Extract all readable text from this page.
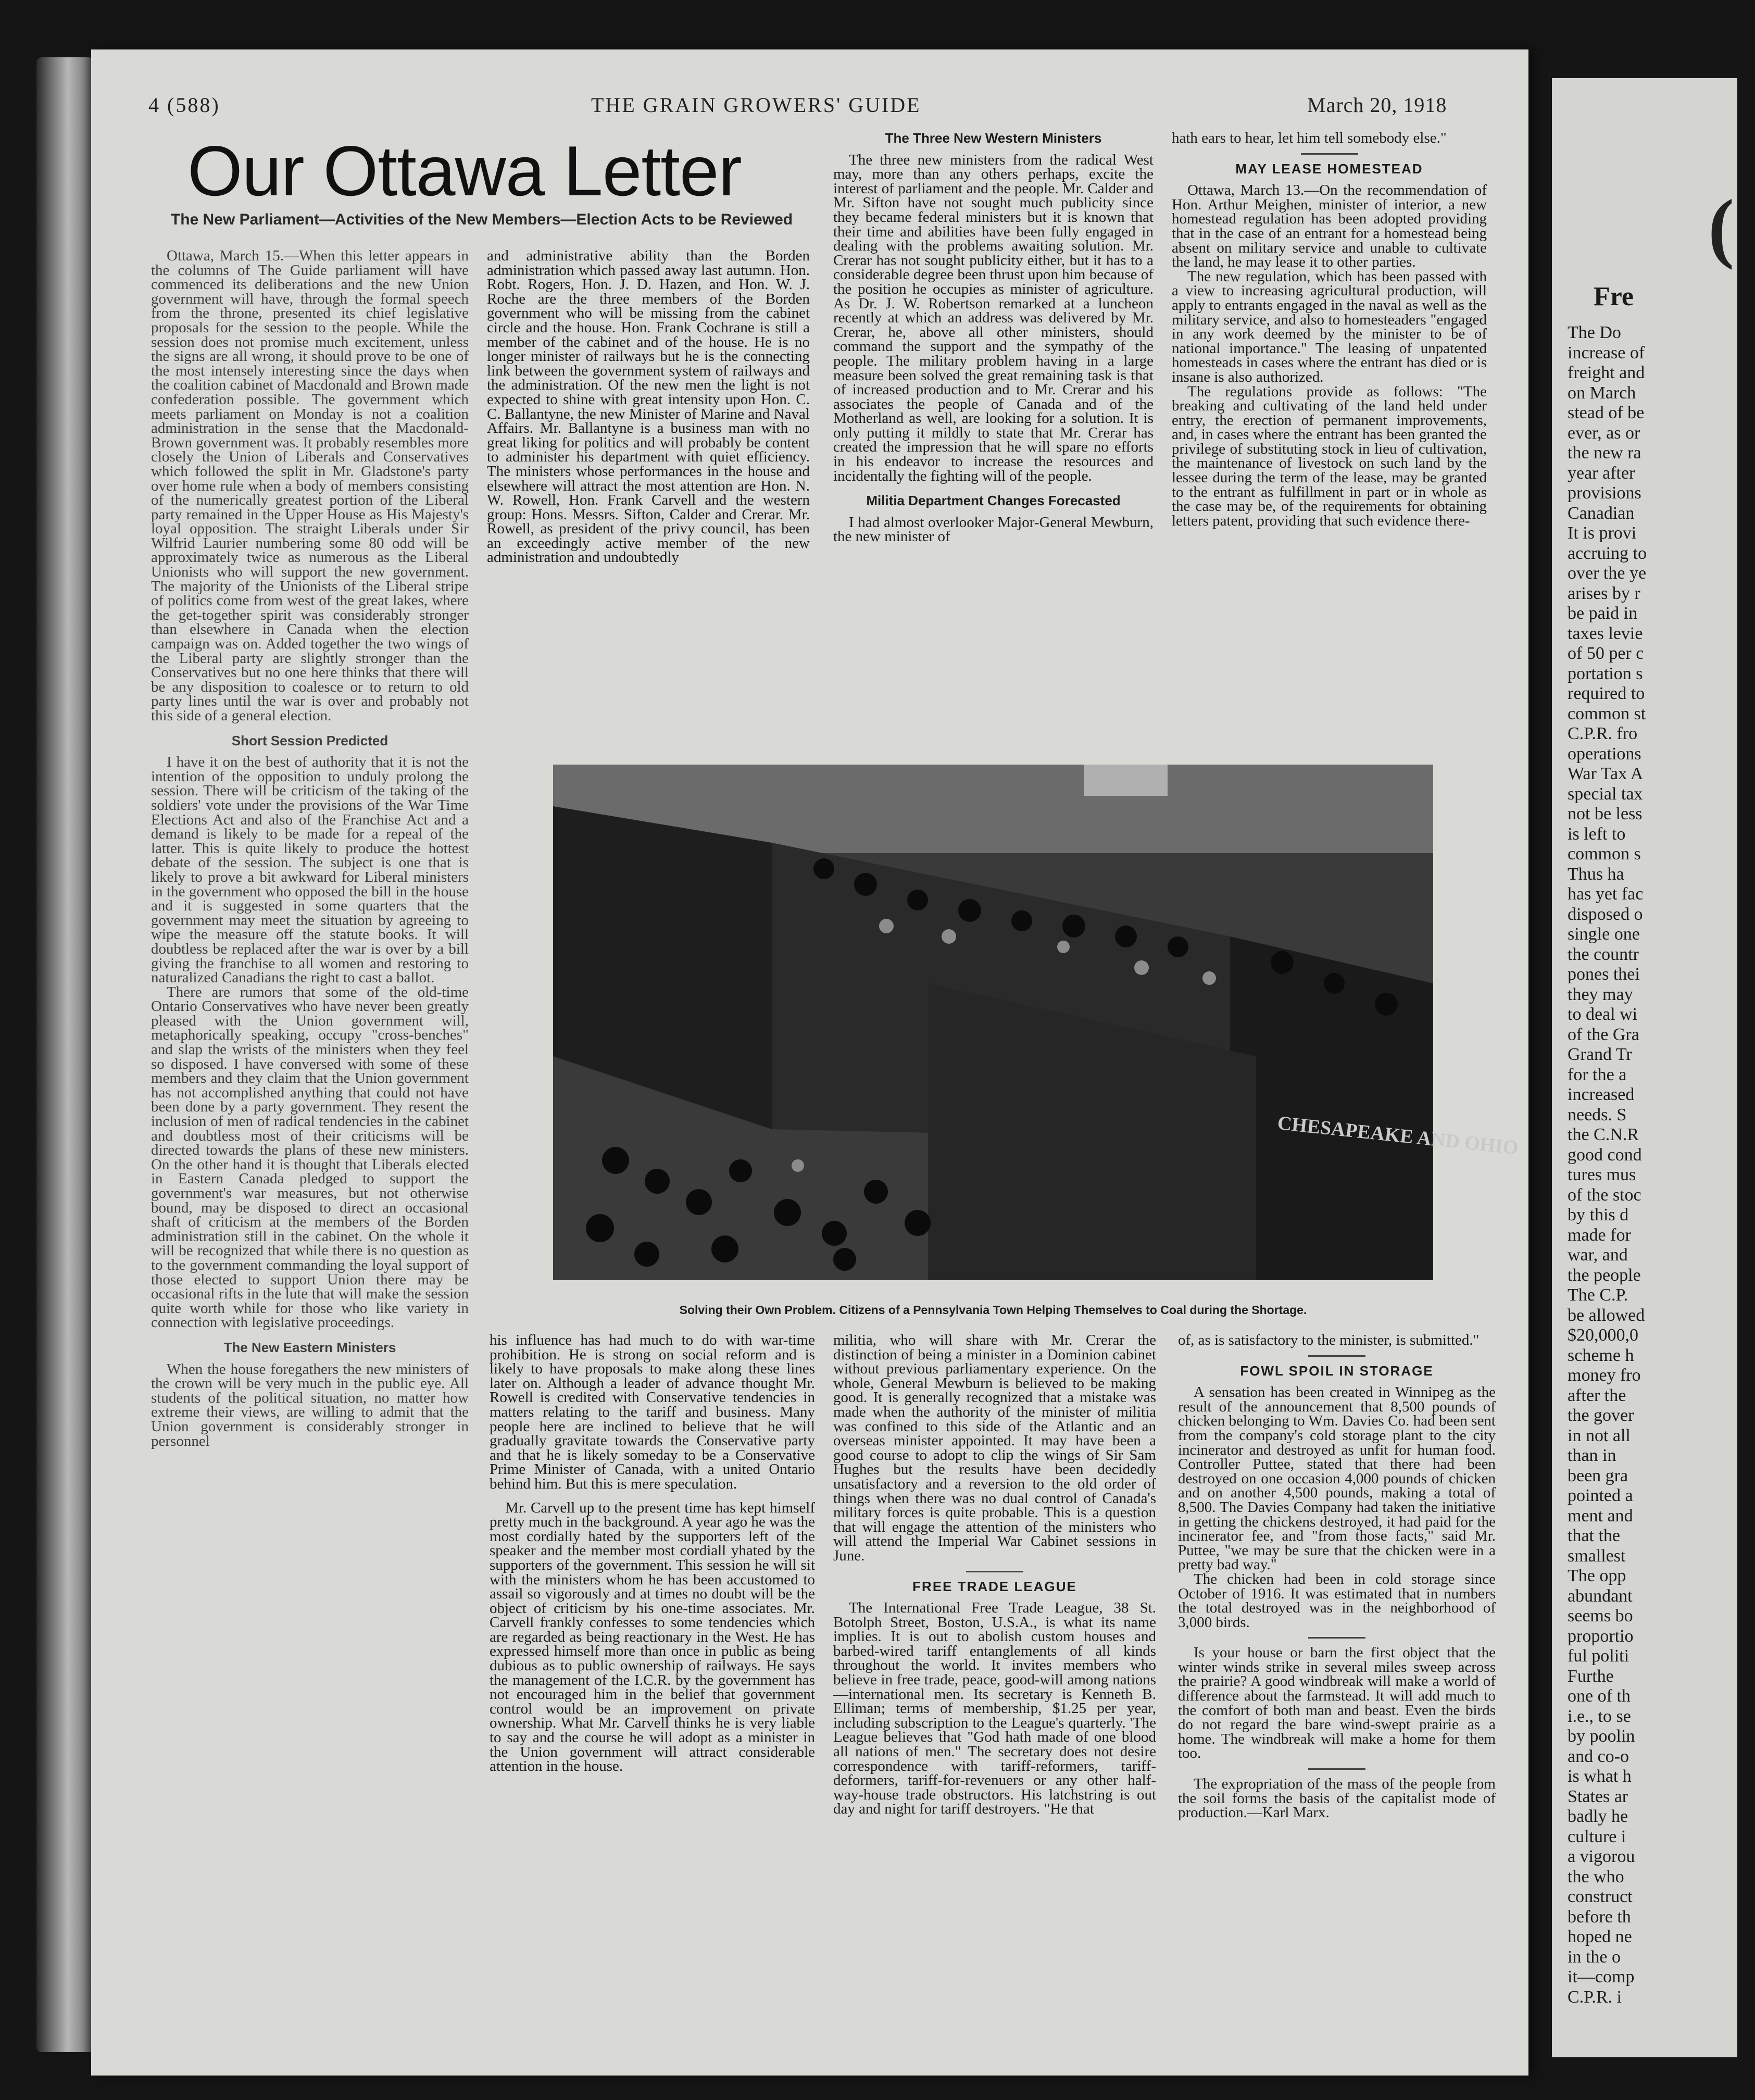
4 (588)	THE GRAIN GROWERS' GUIDE	March 20, 1918
Our Ottawa Letter
The New Parliament—Activities of the New Members—Election Acts to be Reviewed

Ottawa, March 15.—When this letter appears in the columns of The Guide parliament will have commenced its deliberations and the new Union government will have, through the formal speech from the throne, presented its chief legislative proposals for the session to the people. While the session does not promise much excitement, unless the signs are all wrong, it should prove to be one of the most intensely interesting since the days when the coalition cabinet of Macdonald and Brown made confederation possible. The government which meets parliament on Monday is not a coalition administration in the sense that the Macdonald-Brown government was. It probably resembles more closely the Union of Liberals and Conservatives which followed the split in Mr. Gladstone's party over home rule when a body of members consisting of the numerically greatest portion of the Liberal party remained in the Upper House as His Majesty's loyal opposition. The straight Liberals under Sir Wilfrid Laurier numbering some 80 odd will be approximately twice as numerous as the Liberal Unionists who will support the new government. The majority of the Unionists of the Liberal stripe of politics come from west of the great lakes, where the get-together spirit was considerably stronger than elsewhere in Canada when the election campaign was on. Added together the two wings of the Liberal party are slightly stronger than the Conservatives but no one here thinks that there will be any disposition to coalesce or to return to old party lines until the war is over and probably not this side of a general election.

Short Session Predicted

I have it on the best of authority that it is not the intention of the opposition to unduly prolong the session. There will be criticism of the taking of the soldiers' vote under the provisions of the War Time Elections Act and also of the Franchise Act and a demand is likely to be made for a repeal of the latter. This is quite likely to produce the hottest debate of the session. The subject is one that is likely to prove a bit awkward for Liberal ministers in the government who opposed the bill in the house and it is suggested in some quarters that the government may meet the situation by agreeing to wipe the measure off the statute books. It will doubtless be replaced after the war is over by a bill giving the franchise to all women and restoring to naturalized Canadians the right to cast a ballot.

There are rumors that some of the old-time Ontario Conservatives who have never been greatly pleased with the Union government will, metaphorically speaking, occupy "cross-benches" and slap the wrists of the ministers when they feel so disposed. I have conversed with some of these members and they claim that the Union government has not accomplished anything that could not have been done by a party government. They resent the inclusion of men of radical tendencies in the cabinet and doubtless most of their criticisms will be directed towards the plans of these new ministers. On the other hand it is thought that Liberals elected in Eastern Canada pledged to support the government's war measures, but not otherwise bound, may be disposed to direct an occasional shaft of criticism at the members of the Borden administration still in the cabinet. On the whole it will be recognized that while there is no question as to the government commanding the loyal support of those elected to support Union there may be occasional rifts in the lute that will make the session quite worth while for those who like variety in connection with legislative proceedings.

The New Eastern Ministers

When the house foregathers the new ministers of the crown will be very much in the public eye. All students of the political situation, no matter how extreme their views, are willing to admit that the Union government is considerably stronger in personnel

and administrative ability than the Borden administration which passed away last autumn. Hon. Robt. Rogers, Hon. J. D. Hazen, and Hon. W. J. Roche are the three members of the Borden government who will be missing from the cabinet circle and the house. Hon. Frank Cochrane is still a member of the cabinet and of the house. He is no longer minister of railways but he is the connecting link between the government system of railways and the administration. Of the new men the light is not expected to shine with great intensity upon Hon. C. C. Ballantyne, the new Minister of Marine and Naval Affairs. Mr. Ballantyne is a business man with no great liking for politics and will probably be content to administer his department with quiet efficiency. The ministers whose performances in the house and elsewhere will attract the most attention are Hon. N. W. Rowell, Hon. Frank Carvell and the western group: Hons. Messrs. Sifton, Calder and Crerar. Mr. Rowell, as president of the privy council, has been an exceedingly active member of the new administration and undoubtedly

his influence has had much to do with war-time prohibition. He is strong on social reform and is likely to have proposals to make along these lines later on. Although a leader of advance thought Mr. Rowell is credited with Conservative tendencies in matters relating to the tariff and business. Many people here are inclined to believe that he will gradually gravitate towards the Conservative party and that he is likely someday to be a Conservative Prime Minister of Canada, with a united Ontario behind him. But this is mere speculation.

Mr. Carvell up to the present time has kept himself pretty much in the background. A year ago he was the most cordially hated by the supporters left of the speaker and the member most cordiall yhated by the supporters of the government. This session he will sit with the ministers whom he has been accustomed to assail so vigorously and at times no doubt will be the object of criticism by his one-time associates. Mr. Carvell frankly confesses to some tendencies which are regarded as being reactionary in the West. He has expressed himself more than once in public as being dubious as to public ownership of railways. He says the management of the I.C.R. by the government has not encouraged him in the belief that government control would be an improvement on private ownership. What Mr. Carvell thinks he is very liable to say and the course he will adopt as a minister in the Union government will attract considerable attention in the house.

The Three New Western Ministers

The three new ministers from the radical West may, more than any others perhaps, excite the interest of parliament and the people. Mr. Calder and Mr. Sifton have not sought much publicity since they became federal ministers but it is known that their time and abilities have been fully engaged in dealing with the problems awaiting solution. Mr. Crerar has not sought publicity either, but it has to a considerable degree been thrust upon him because of the position he occupies as minister of agriculture. As Dr. J. W. Robertson remarked at a luncheon recently at which an address was delivered by Mr. Crerar, he, above all other ministers, should command the support and the sympathy of the people. The military problem having in a large measure been solved the great remaining task is that of increased production and to Mr. Crerar and his associates the people of Canada and of the Motherland as well, are looking for a solution. It is only putting it mildly to state that Mr. Crerar has created the impression that he will spare no efforts in his endeavor to increase the resources and incidentally the fighting will of the people.

Militia Department Changes Forecasted

I had almost overlooker Major-General Mewburn, the new minister of

militia, who will share with Mr. Crerar the distinction of being a minister in a Dominion cabinet without previous parliamentary experience. On the whole, General Mewburn is believed to be making good. It is generally recognized that a mistake was made when the authority of the minister of militia was confined to this side of the Atlantic and an overseas minister appointed. It may have been a good course to adopt to clip the wings of Sir Sam Hughes but the results have been decidedly unsatisfactory and a reversion to the old order of things when there was no dual control of Canada's military forces is quite probable. This is a question that will engage the attention of the ministers who will attend the Imperial War Cabinet sessions in June.

FREE TRADE LEAGUE

The International Free Trade League, 38 St. Botolph Street, Boston, U.S.A., is what its name implies. It is out to abolish custom houses and barbed-wired tariff entanglements of all kinds throughout the world. It invites members who believe in free trade, peace, good-will among nations—international men. Its secretary is Kenneth B. Elliman; terms of membership, $1.25 per year, including subscription to the League's quarterly. 'The League believes that "God hath made of one blood all nations of men." The secretary does not desire correspondence with tariff-reformers, tariff-deformers, tariff-for-revenuers or any other half-way-house trade obstructors. His latchstring is out day and night for tariff destroyers. "He that

hath ears to hear, let him tell somebody else."

MAY LEASE HOMESTEAD

Ottawa, March 13.—On the recommendation of Hon. Arthur Meighen, minister of interior, a new homestead regulation has been adopted providing that in the case of an entrant for a homestead being absent on military service and unable to cultivate the land, he may lease it to other parties.

The new regulation, which has been passed with a view to increasing agricultural production, will apply to entrants engaged in the naval as well as the military service, and also to homesteaders "engaged in any work deemed by the minister to be of national importance." The leasing of unpatented homesteads in cases where the entrant has died or is insane is also authorized.

The regulations provide as follows: "The breaking and cultivating of the land held under entry, the erection of permanent improvements, and, in cases where the entrant has been granted the privilege of substituting stock in lieu of cultivation, the maintenance of livestock on such land by the lessee during the term of the lease, may be granted to the entrant as fulfillment in part or in whole as the case may be, of the requirements for obtaining letters patent, providing that such evidence there-

of, as is satisfactory to the minister, is submitted."

FOWL SPOIL IN STORAGE

A sensation has been created in Winnipeg as the result of the announcement that 8,500 pounds of chicken belonging to Wm. Davies Co. had been sent from the company's cold storage plant to the city incinerator and destroyed as unfit for human food. Controller Puttee, stated that there had been destroyed on one occasion 4,000 pounds of chicken and on another 4,500 pounds, making a total of 8,500. The Davies Company had taken the initiative in getting the chickens destroyed, it had paid for the incinerator fee, and "from those facts," said Mr. Puttee, "we may be sure that the chicken were in a pretty bad way."

The chicken had been in cold storage since October of 1916. It was estimated that in numbers the total destroyed was in the neighborhood of 3,000 birds.

Is your house or barn the first object that the winter winds strike in several miles sweep across the prairie? A good windbreak will make a world of difference about the farmstead. It will add much to the comfort of both man and beast. Even the birds do not regard the bare wind-swept prairie as a home. The windbreak will make a home for them too.

The expropriation of the mass of the people from the soil forms the basis of the capitalist mode of production.—Karl Marx.

CHESAPEAKE AND OHIO
Solving their Own Problem. Citizens of a Pennsylvania Town Helping Themselves to Coal during the Shortage.
(
Fre
The Do
increase of
freight and
on March
stead of be
ever, as or
the new ra
year after
provisions
Canadian
It is provi
accruing to
over the ye
arises by r
be paid in
taxes levie
of 50 per c
portation s
required to
common st
C.P.R. fro
operations
War Tax A
special tax
not be less
is left to
common s
Thus ha
has yet fac
disposed o
single one
the countr
pones thei
they may
to deal wi
of the Gra
Grand Tr
for the a
increased
needs. S
the C.N.R
good cond
tures mus
of the stoc
by this d
made for
war, and
the people
The C.P.
be allowed
$20,000,0
scheme h
money fro
after the
the gover
in not all
than in
been gra
pointed a
ment and
that the
smallest
The opp
abundant
seems bo
proportio
ful politi
Furthe
one of th
i.e., to se
by poolin
and co-o
is what h
States ar
badly he
culture i
a vigorou
the who
construct
before th
hoped ne
in the o
it—comp
C.P.R. i
